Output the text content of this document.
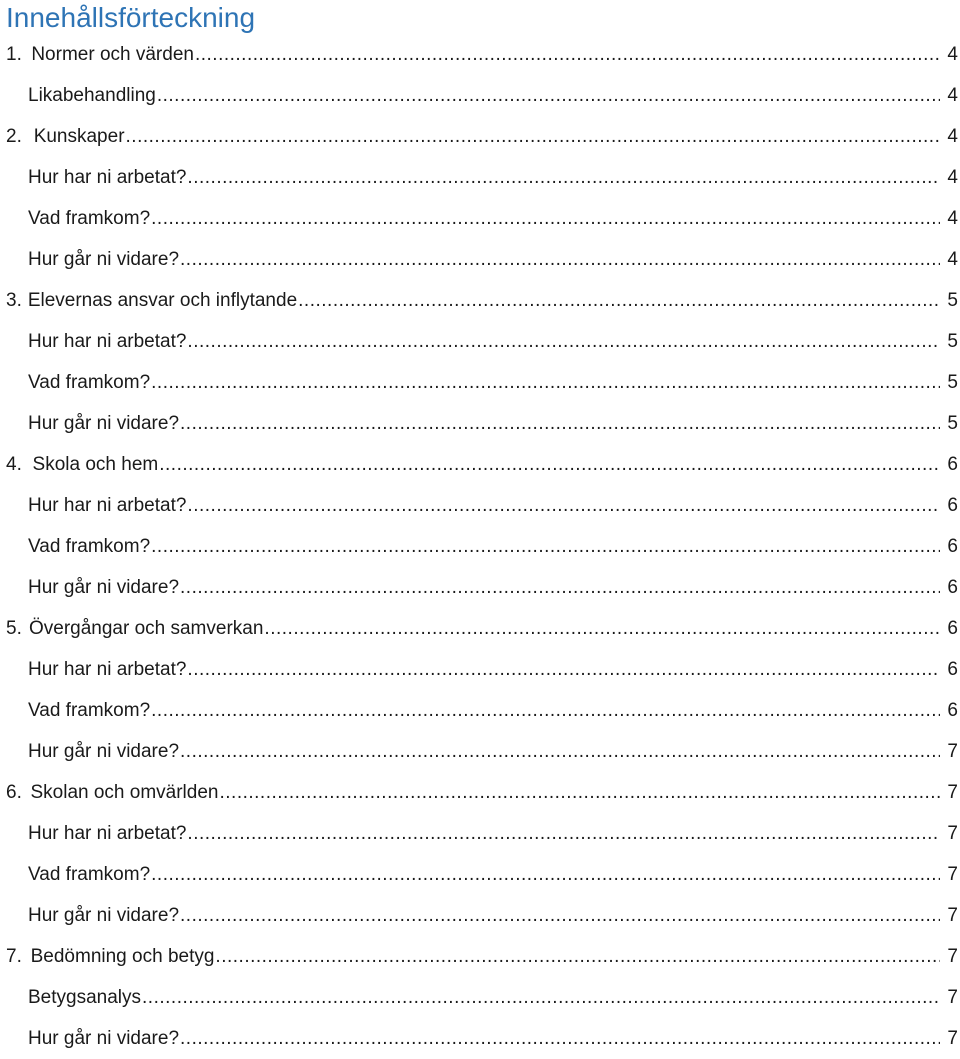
Innehållsförteckning
1. Normer och värden .....	4
Likabehandling .....	4
2. Kunskaper .....	4
Hur har ni arbetat? .....	4
Vad framkom? .....	4
Hur går ni vidare? .....	4
3. Elevernas ansvar och inflytande .....	5
Hur har ni arbetat? .....	5
Vad framkom? .....	5
Hur går ni vidare? .....	5
4. Skola och hem .....	6
Hur har ni arbetat? .....	6
Vad framkom? .....	6
Hur går ni vidare? .....	6
5. Övergångar och samverkan .....	6
Hur har ni arbetat? .....	6
Vad framkom? .....	6
Hur går ni vidare? .....	7
6. Skolan och omvärlden .....	7
Hur har ni arbetat? .....	7
Vad framkom? .....	7
Hur går ni vidare? .....	7
7. Bedömning och betyg .....	7
Betygsanalys .....	7
Hur går ni vidare? .....	7
